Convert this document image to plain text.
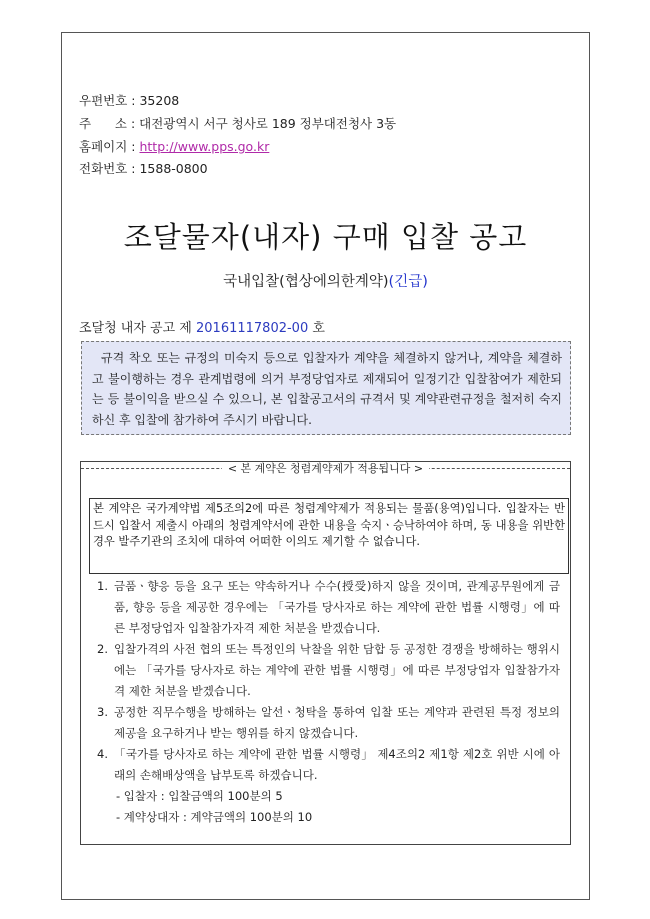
우편번호 : 35208
주      소 : 대전광역시 서구 청사로 189 정부대전청사 3동
홈페이지 : http://www.pps.go.kr
전화번호 : 1588-0800
조달물자(내자) 구매 입찰 공고
국내입찰(협상에의한계약)(긴급)
조달청 내자 공고 제 20161117802-00 호

규격 착오 또는 규정의 미숙지 등으로 입찰자가 계약을 체결하지 않거나, 계약을 체결하고 불이행하는 경우 관계법령에 의거 부정당업자로 제재되어 일정기간 입찰참여가 제한되는 등 불이익을 받으실 수 있으니, 본 입찰공고서의 규격서 및 계약관련규정을 철저히 숙지하신 후 입찰에 참가하여 주시기 바랍니다.

< 본 계약은 청렴계약제가 적용됩니다 >
본 계약은 국가계약법 제5조의2에 따른 청렴계약제가 적용되는 물품(용역)입니다. 입찰자는 반드시 입찰서 제출시 아래의 청렴계약서에 관한 내용을 숙지ㆍ승낙하여야 하며, 동 내용을 위반한 경우 발주기관의 조치에 대하여 어떠한 이의도 제기할 수 없습니다.
1. 금품ㆍ향응 등을 요구 또는 약속하거나 수수(授受)하지 않을 것이며, 관계공무원에게 금품, 향응 등을 제공한 경우에는 「국가를 당사자로 하는 계약에 관한 법률 시행령」에 따른 부정당업자 입찰참가자격 제한 처분을 받겠습니다.
2. 입찰가격의 사전 협의 또는 특정인의 낙찰을 위한 담합 등 공정한 경쟁을 방해하는 행위시에는 「국가를 당사자로 하는 계약에 관한 법률 시행령」에 따른 부정당업자 입찰참가자격 제한 처분을 받겠습니다.
3. 공정한 직무수행을 방해하는 알선ㆍ청탁을 통하여 입찰 또는 계약과 관련된 특정 정보의 제공을 요구하거나 받는 행위를 하지 않겠습니다.
4. 「국가를 당사자로 하는 계약에 관한 법률 시행령」 제4조의2 제1항 제2호 위반 시에 아래의 손해배상액을 납부토록 하겠습니다.
- 입찰자 : 입찰금액의 100분의 5
- 계약상대자 : 계약금액의 100분의 10
